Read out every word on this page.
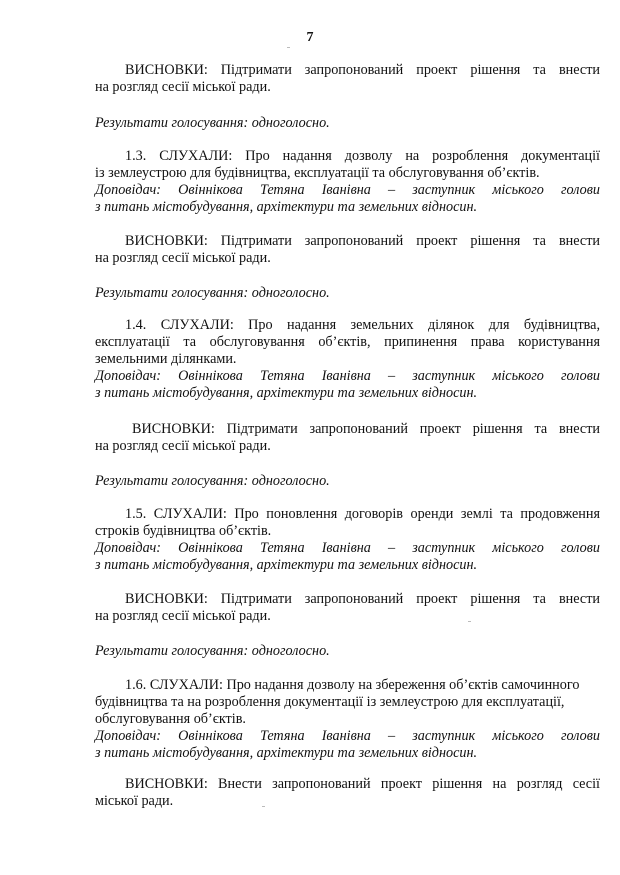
7
ВИСНОВКИ: Підтримати запропонований проект рішення та внести
на розгляд сесії міської ради.
Результати голосування: одноголосно.
1.3. СЛУХАЛИ: Про надання дозволу на розроблення документації
із землеустрою для будівництва, експлуатації та обслуговування об’єктів.
Доповідач: Овіннікова Тетяна Іванівна – заступник міського голови
з питань містобудування, архітектури та земельних відносин.
ВИСНОВКИ: Підтримати запропонований проект рішення та внести
на розгляд сесії міської ради.
Результати голосування: одноголосно.
1.4. СЛУХАЛИ: Про надання земельних ділянок для будівництва,
експлуатації та обслуговування об’єктів, припинення права користування
земельними ділянками.
Доповідач: Овіннікова Тетяна Іванівна – заступник міського голови
з питань містобудування, архітектури та земельних відносин.
ВИСНОВКИ: Підтримати запропонований проект рішення та внести
на розгляд сесії міської ради.
Результати голосування: одноголосно.
1.5. СЛУХАЛИ: Про поновлення договорів оренди землі та продовження
строків будівництва об’єктів.
Доповідач: Овіннікова Тетяна Іванівна – заступник міського голови
з питань містобудування, архітектури та земельних відносин.
ВИСНОВКИ: Підтримати запропонований проект рішення та внести
на розгляд сесії міської ради.
Результати голосування: одноголосно.
1.6. СЛУХАЛИ: Про надання дозволу на збереження об’єктів самочинного
будівництва та на розроблення документації із землеустрою для експлуатації,
обслуговування об’єктів.
Доповідач: Овіннікова Тетяна Іванівна – заступник міського голови
з питань містобудування, архітектури та земельних відносин.
ВИСНОВКИ: Внести запропонований проект рішення на розгляд сесії
міської ради.
